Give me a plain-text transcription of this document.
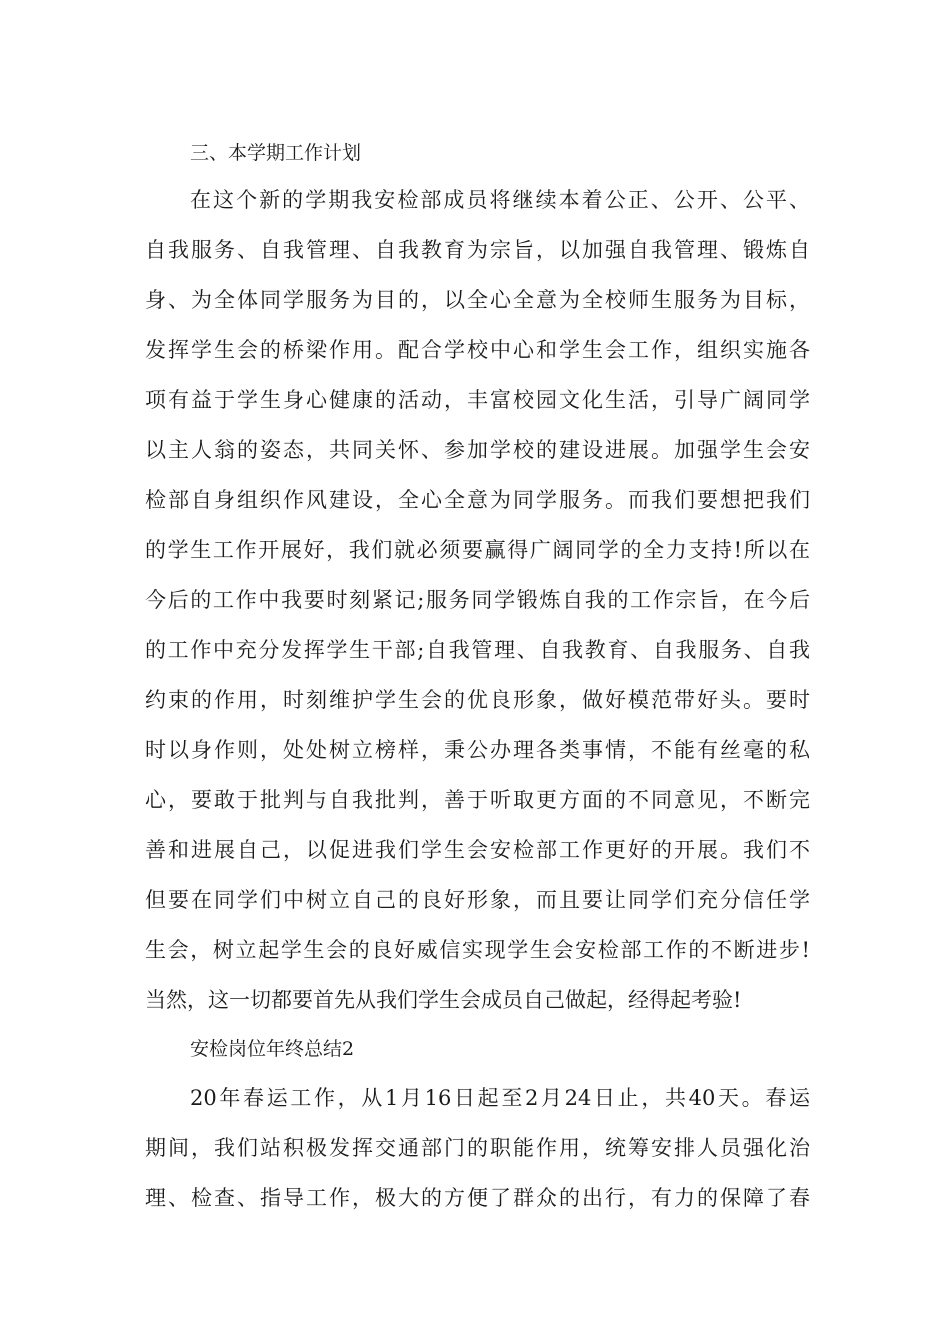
三、本学期工作计划
在这个新的学期我安检部成员将继续本着公正、公开、公平、
自我服务、自我管理、自我教育为宗旨，以加强自我管理、锻炼自
身、为全体同学服务为目的，以全心全意为全校师生服务为目标，
发挥学生会的桥梁作用。配合学校中心和学生会工作，组织实施各
项有益于学生身心健康的活动，丰富校园文化生活，引导广阔同学
以主人翁的姿态，共同关怀、参加学校的建设进展。加强学生会安
检部自身组织作风建设，全心全意为同学服务。而我们要想把我们
的学生工作开展好，我们就必须要赢得广阔同学的全力支持!所以在
今后的工作中我要时刻紧记;服务同学锻炼自我的工作宗旨，在今后
的工作中充分发挥学生干部;自我管理、自我教育、自我服务、自我
约束的作用，时刻维护学生会的优良形象，做好模范带好头。要时
时以身作则，处处树立榜样，秉公办理各类事情，不能有丝毫的私
心，要敢于批判与自我批判，善于听取更方面的不同意见，不断完
善和进展自己，以促进我们学生会安检部工作更好的开展。我们不
但要在同学们中树立自己的良好形象，而且要让同学们充分信任学
生会，树立起学生会的良好威信实现学生会安检部工作的不断进步!
当然，这一切都要首先从我们学生会成员自己做起，经得起考验!
安检岗位年终总结2
20年春运工作，从1月16日起至2月24日止，共40天。春运
期间，我们站积极发挥交通部门的职能作用，统筹安排人员强化治
理、检查、指导工作，极大的方便了群众的出行，有力的保障了春
